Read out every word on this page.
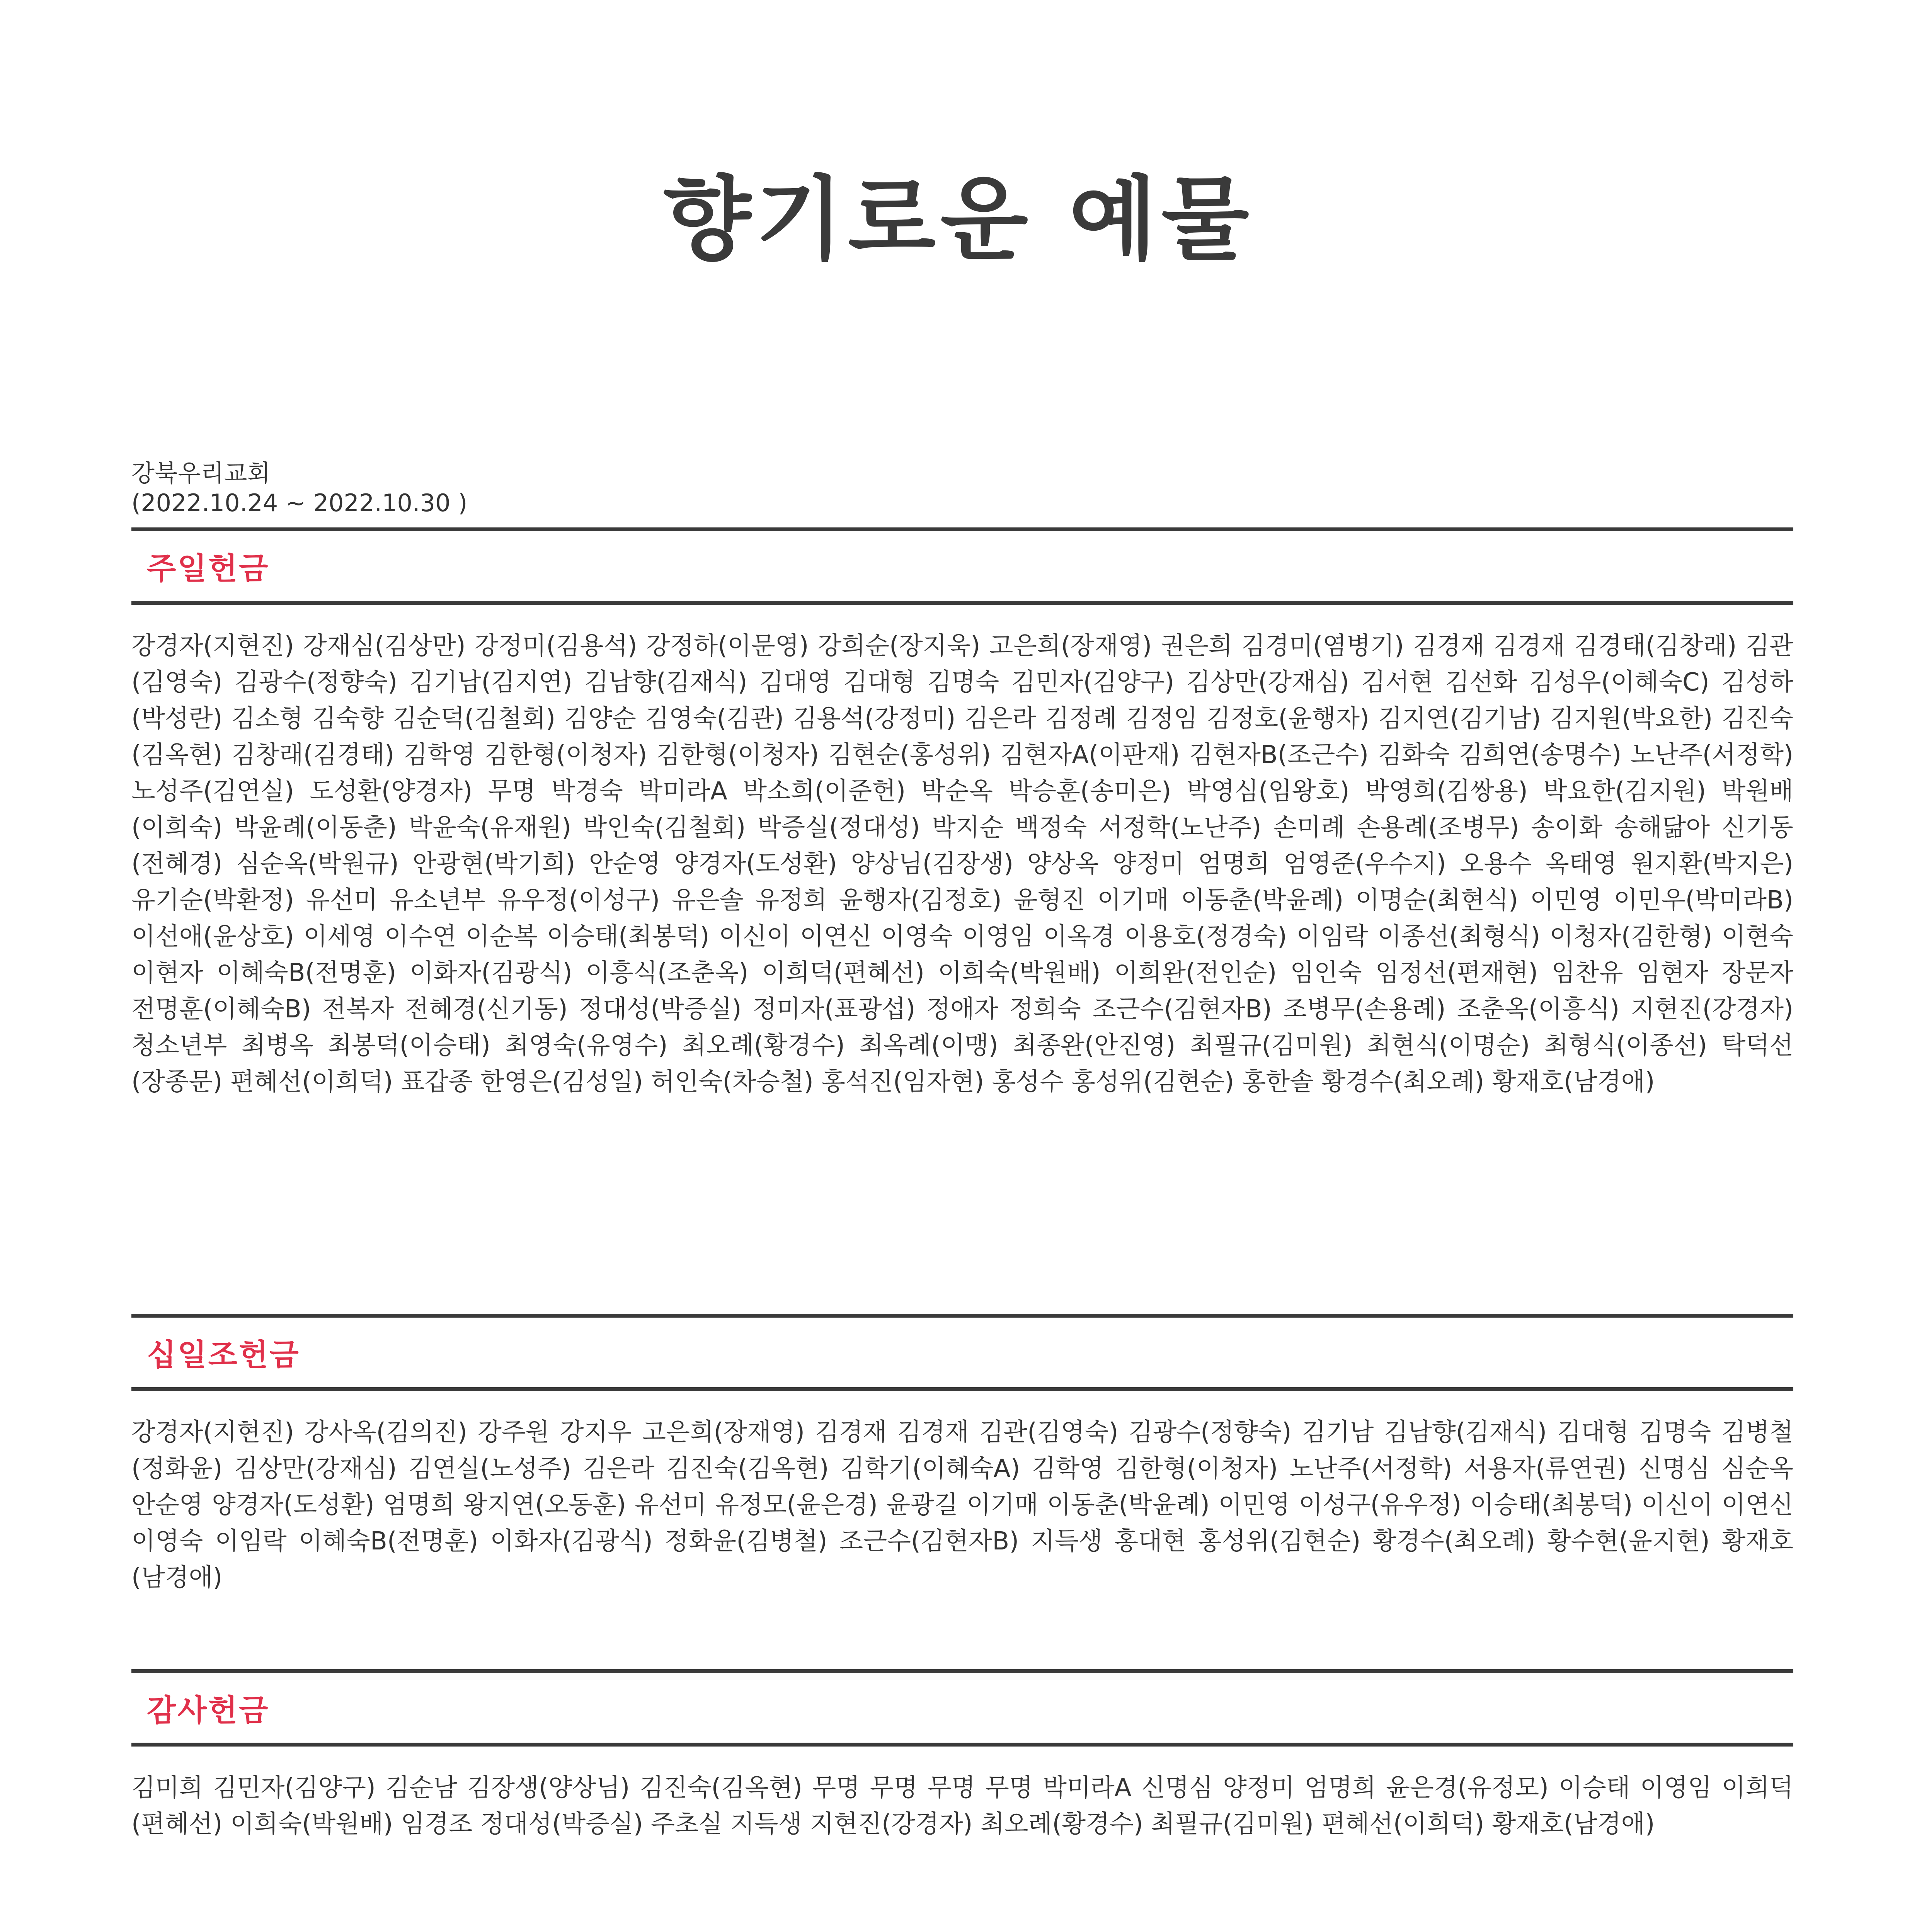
향기로운 예물
강북우리교회
(2022.10.24 ~ 2022.10.30 )
주일헌금
강경자(지현진) 강재심(김상만) 강정미(김용석) 강정하(이문영) 강희순(장지욱) 고은희(장재영) 권은희 김경미(염병기) 김경재 김경재 김경태(김창래) 김관(김영숙) 김광수(정향숙) 김기남(김지연) 김남향(김재식) 김대영 김대형 김명숙 김민자(김양구) 김상만(강재심) 김서현 김선화 김성우(이혜숙C) 김성하(박성란) 김소형 김숙향 김순덕(김철회) 김양순 김영숙(김관) 김용석(강정미) 김은라 김정례 김정임 김정호(윤행자) 김지연(김기남) 김지원(박요한) 김진숙(김옥현) 김창래(김경태) 김학영 김한형(이청자) 김한형(이청자) 김현순(홍성위) 김현자A(이판재) 김현자B(조근수) 김화숙 김희연(송명수) 노난주(서정학) 노성주(김연실) 도성환(양경자) 무명 박경숙 박미라A 박소희(이준헌) 박순옥 박승훈(송미은) 박영심(임왕호) 박영희(김쌍용) 박요한(김지원) 박원배(이희숙) 박윤례(이동춘) 박윤숙(유재원) 박인숙(김철회) 박증실(정대성) 박지순 백정숙 서정학(노난주) 손미례 손용례(조병무) 송이화 송해닮아 신기동(전혜경) 심순옥(박원규) 안광현(박기희) 안순영 양경자(도성환) 양상님(김장생) 양상옥 양정미 엄명희 엄영준(우수지) 오용수 옥태영 원지환(박지은) 유기순(박환정) 유선미 유소년부 유우정(이성구) 유은솔 유정희 윤행자(김정호) 윤형진 이기매 이동춘(박윤례) 이명순(최현식) 이민영 이민우(박미라B) 이선애(윤상호) 이세영 이수연 이순복 이승태(최봉덕) 이신이 이연신 이영숙 이영임 이옥경 이용호(정경숙) 이임락 이종선(최형식) 이청자(김한형) 이현숙 이현자 이혜숙B(전명훈) 이화자(김광식) 이흥식(조춘옥) 이희덕(편혜선) 이희숙(박원배) 이희완(전인순) 임인숙 임정선(편재현) 임찬유 임현자 장문자 전명훈(이혜숙B) 전복자 전혜경(신기동) 정대성(박증실) 정미자(표광섭) 정애자 정희숙 조근수(김현자B) 조병무(손용례) 조춘옥(이흥식) 지현진(강경자) 청소년부 최병옥 최봉덕(이승태) 최영숙(유영수) 최오례(황경수) 최옥례(이맹) 최종완(안진영) 최필규(김미원) 최현식(이명순) 최형식(이종선) 탁덕선(장종문) 편혜선(이희덕) 표갑종 한영은(김성일) 허인숙(차승철) 홍석진(임자현) 홍성수 홍성위(김현순) 홍한솔 황경수(최오례) 황재호(남경애)
십일조헌금
강경자(지현진) 강사옥(김의진) 강주원 강지우 고은희(장재영) 김경재 김경재 김관(김영숙) 김광수(정향숙) 김기남 김남향(김재식) 김대형 김명숙 김병철(정화윤) 김상만(강재심) 김연실(노성주) 김은라 김진숙(김옥현) 김학기(이혜숙A) 김학영 김한형(이청자) 노난주(서정학) 서용자(류연권) 신명심 심순옥 안순영 양경자(도성환) 엄명희 왕지연(오동훈) 유선미 유정모(윤은경) 윤광길 이기매 이동춘(박윤례) 이민영 이성구(유우정) 이승태(최봉덕) 이신이 이연신 이영숙 이임락 이혜숙B(전명훈) 이화자(김광식) 정화윤(김병철) 조근수(김현자B) 지득생 홍대현 홍성위(김현순) 황경수(최오례) 황수현(윤지현) 황재호(남경애)
감사헌금
김미희 김민자(김양구) 김순남 김장생(양상님) 김진숙(김옥현) 무명 무명 무명 무명 박미라A 신명심 양정미 엄명희 윤은경(유정모) 이승태 이영임 이희덕(편혜선) 이희숙(박원배) 임경조 정대성(박증실) 주초실 지득생 지현진(강경자) 최오례(황경수) 최필규(김미원) 편혜선(이희덕) 황재호(남경애)
